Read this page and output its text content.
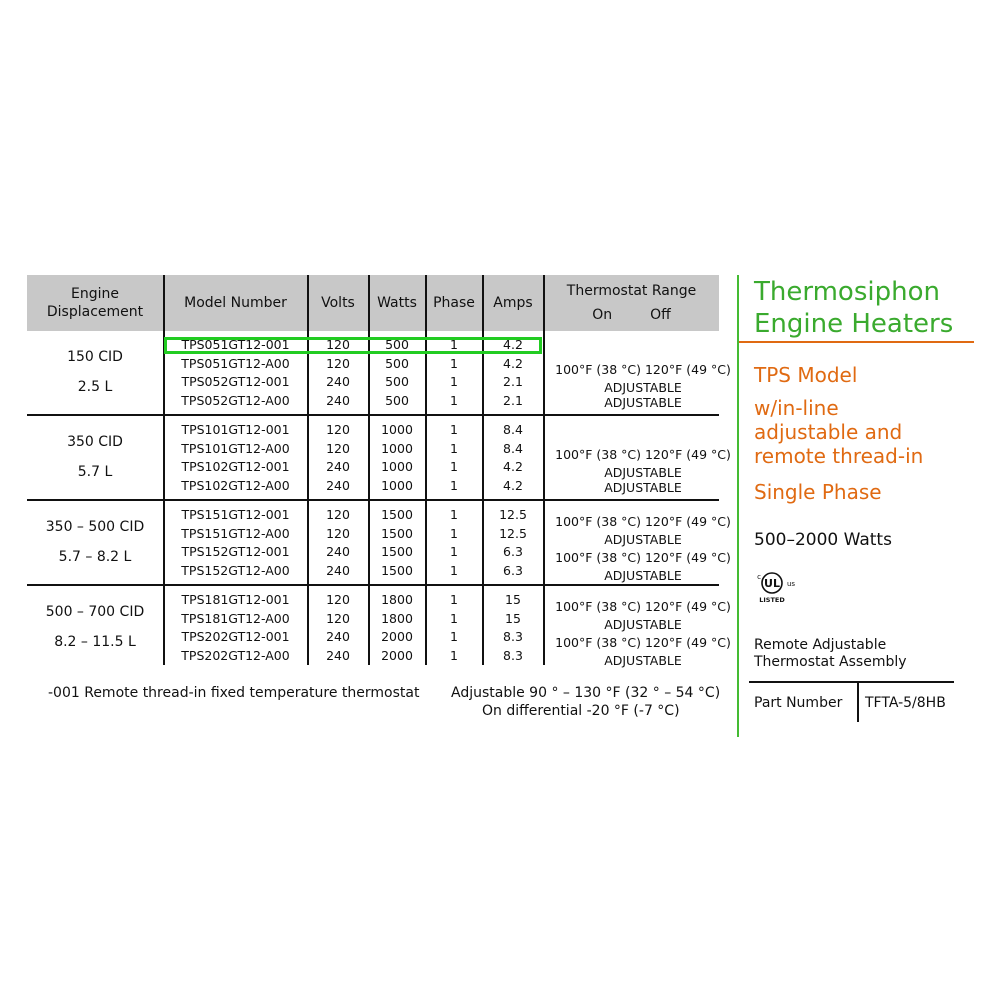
Engine
Displacement
Model Number	Volts	Watts	Phase	Amps
Thermostat Range
On	Off
150 CID
2.5 L
TPS051GT12-001	120	500	1	4.2
TPS051GT12-A00	120	500	1	4.2
TPS052GT12-001	240	500	1	2.1
TPS052GT12-A00	240	500	1	2.1
100°F (38 °C) 120°F (49 °C)
ADJUSTABLE
ADJUSTABLE
350 CID
5.7 L
TPS101GT12-001	120	1000	1	8.4
TPS101GT12-A00	120	1000	1	8.4
TPS102GT12-001	240	1000	1	4.2
TPS102GT12-A00	240	1000	1	4.2
100°F (38 °C) 120°F (49 °C)
ADJUSTABLE
ADJUSTABLE
350 – 500 CID
5.7 – 8.2 L
TPS151GT12-001	120	1500	1	12.5
TPS151GT12-A00	120	1500	1	12.5
TPS152GT12-001	240	1500	1	6.3
TPS152GT12-A00	240	1500	1	6.3
100°F (38 °C) 120°F (49 °C)
ADJUSTABLE
100°F (38 °C) 120°F (49 °C)
ADJUSTABLE
500 – 700 CID
8.2 – 11.5 L
TPS181GT12-001	120	1800	1	15
TPS181GT12-A00	120	1800	1	15
TPS202GT12-001	240	2000	1	8.3
TPS202GT12-A00	240	2000	1	8.3
100°F (38 °C) 120°F (49 °C)
ADJUSTABLE
100°F (38 °C) 120°F (49 °C)
ADJUSTABLE
-001 Remote thread-in fixed temperature thermostat Adjustable 90 ° – 130 °F (32 ° – 54 °C)
On differential -20 °F (-7 °C)
Thermosiphon
Engine Heaters
TPS Model
w/in-line
adjustable and
remote thread-in
Single Phase
500–2000 Watts
UL
c
us
LISTED
Remote Adjustable
Thermostat Assembly
Part Number TFTA-5/8HB
